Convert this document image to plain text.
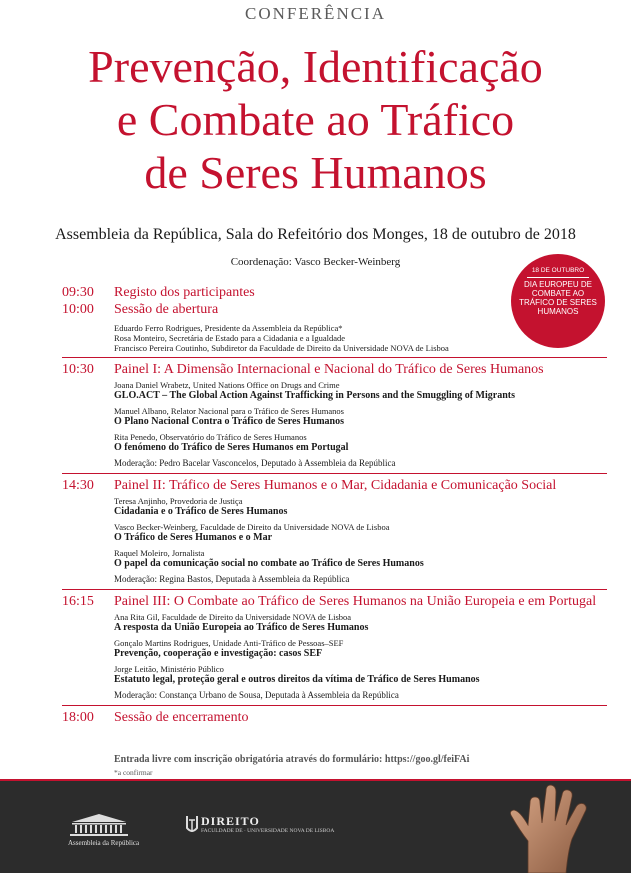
CONFERÊNCIA
Prevenção, Identificação
e Combate ao Tráfico
de Seres Humanos
Assembleia da República, Sala do Refeitório dos Monges, 18 de outubro de 2018
Coordenação: Vasco Becker-Weinberg
18 DE OUTUBRO
DIA EUROPEU DE COMBATE AO TRÁFICO DE SERES HUMANOS
09:30	Registo dos participantes
10:00	Sessão de abertura
Eduardo Ferro Rodrigues, Presidente da Assembleia da República*
Rosa Monteiro, Secretária de Estado para a Cidadania e a Igualdade
Francisco Pereira Coutinho, Subdiretor da Faculdade de Direito da Universidade NOVA de Lisboa
10:30	Painel I: A Dimensão Internacional e Nacional do Tráfico de Seres Humanos
Joana Daniel Wrabetz, United Nations Office on Drugs and Crime
GLO.ACT – The Global Action Against Trafficking in Persons and the Smuggling of Migrants
Manuel Albano, Relator Nacional para o Tráfico de Seres Humanos
O Plano Nacional Contra o Tráfico de Seres Humanos
Rita Penedo, Observatório do Tráfico de Seres Humanos
O fenómeno do Tráfico de Seres Humanos em Portugal
Moderação: Pedro Bacelar Vasconcelos, Deputado à Assembleia da República
14:30	Painel II: Tráfico de Seres Humanos e o Mar, Cidadania e Comunicação Social
Teresa Anjinho, Provedoria de Justiça
Cidadania e o Tráfico de Seres Humanos
Vasco Becker-Weinberg, Faculdade de Direito da Universidade NOVA de Lisboa
O Tráfico de Seres Humanos e o Mar
Raquel Moleiro, Jornalista
O papel da comunicação social no combate ao Tráfico de Seres Humanos
Moderação: Regina Bastos, Deputada à Assembleia da República
16:15	Painel III: O Combate ao Tráfico de Seres Humanos na União Europeia e em Portugal
Ana Rita Gil, Faculdade de Direito da Universidade NOVA de Lisboa
A resposta da União Europeia ao Tráfico de Seres Humanos
Gonçalo Martins Rodrigues, Unidade Anti-Tráfico de Pessoas–SEF
Prevenção, cooperação e investigação: casos SEF
Jorge Leitão, Ministério Público
Estatuto legal, proteção geral e outros direitos da vítima de Tráfico de Seres Humanos
Moderação: Constança Urbano de Sousa, Deputada à Assembleia da República
18:00	Sessão de encerramento
Entrada livre com inscrição obrigatória através do formulário: https://goo.gl/feiFAi
*a confirmar
Assembleia da República
DIREITO
FACULDADE DE · UNIVERSIDADE NOVA DE LISBOA
